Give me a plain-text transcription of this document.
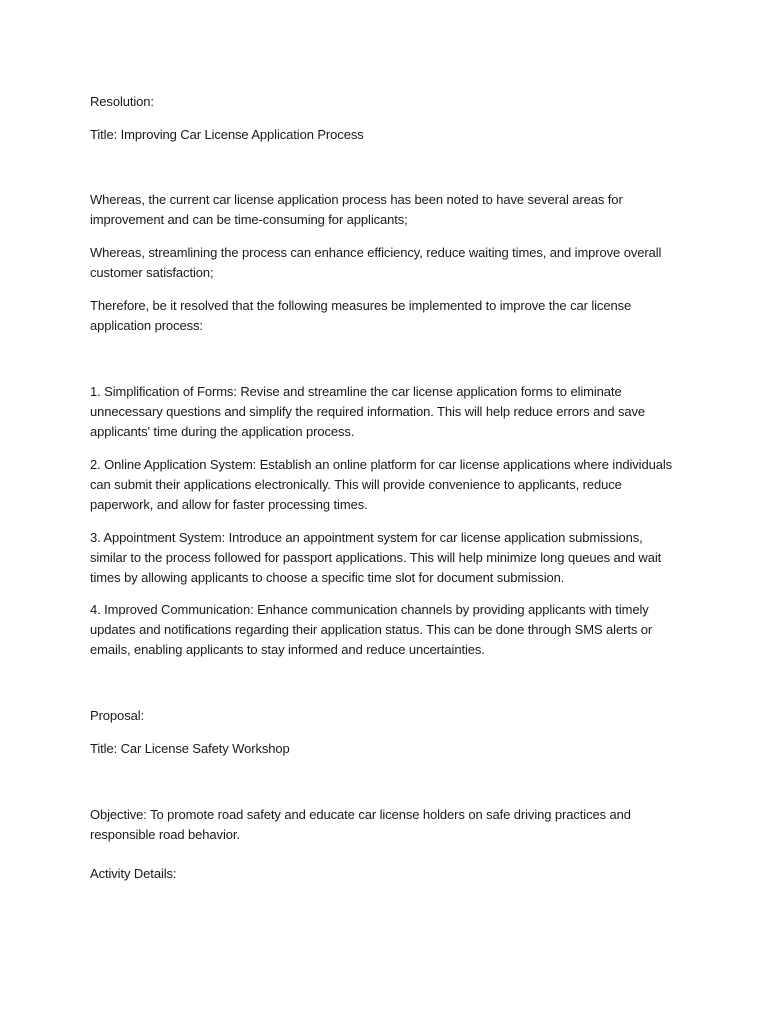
Resolution:

Title: Improving Car License Application Process

Whereas, the current car license application process has been noted to have several areas for improvement and can be time-consuming for applicants;

Whereas, streamlining the process can enhance efficiency, reduce waiting times, and improve overall customer satisfaction;

Therefore, be it resolved that the following measures be implemented to improve the car license application process:

1. Simplification of Forms: Revise and streamline the car license application forms to eliminate unnecessary questions and simplify the required information. This will help reduce errors and save applicants' time during the application process.

2. Online Application System: Establish an online platform for car license applications where individuals can submit their applications electronically. This will provide convenience to applicants, reduce paperwork, and allow for faster processing times.

3. Appointment System: Introduce an appointment system for car license application submissions, similar to the process followed for passport applications. This will help minimize long queues and wait times by allowing applicants to choose a specific time slot for document submission.

4. Improved Communication: Enhance communication channels by providing applicants with timely updates and notifications regarding their application status. This can be done through SMS alerts or emails, enabling applicants to stay informed and reduce uncertainties.

Proposal:

Title: Car License Safety Workshop

Objective: To promote road safety and educate car license holders on safe driving practices and responsible road behavior.

Activity Details:
